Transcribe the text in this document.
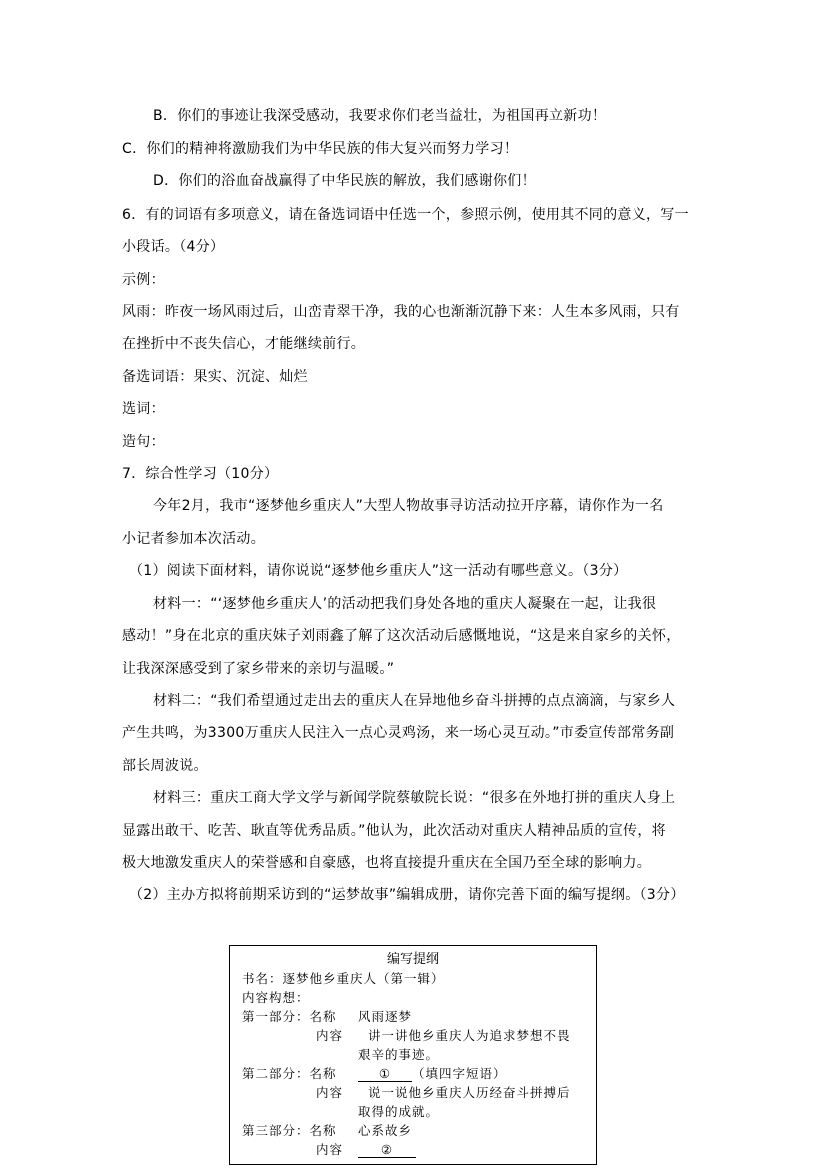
B．你们的事迹让我深受感动，我要求你们老当益壮，为祖国再立新功！
C．你们的精神将激励我们为中华民族的伟大复兴而努力学习！
D．你们的浴血奋战赢得了中华民族的解放，我们感谢你们！
6．有的词语有多项意义，请在备选词语中任选一个，参照示例，使用其不同的意义，写一
小段话。（4分）
示例：
风雨：昨夜一场风雨过后，山峦青翠干净，我的心也渐渐沉静下来：人生本多风雨，只有
在挫折中不丧失信心，才能继续前行。
备选词语：果实、沉淀、灿烂
选词：
造句：
7．综合性学习（10分）
今年2月，我市“逐梦他乡重庆人”大型人物故事寻访活动拉开序幕，请你作为一名
小记者参加本次活动。
（1）阅读下面材料，请你说说“逐梦他乡重庆人”这一活动有哪些意义。（3分）
材料一：“‘逐梦他乡重庆人’的活动把我们身处各地的重庆人凝聚在一起，让我很
感动！”身在北京的重庆妹子刘雨鑫了解了这次活动后感慨地说，“这是来自家乡的关怀，
让我深深感受到了家乡带来的亲切与温暖。”
材料二：“我们希望通过走出去的重庆人在异地他乡奋斗拼搏的点点滴滴，与家乡人
产生共鸣，为3300万重庆人民注入一点心灵鸡汤，来一场心灵互动。”市委宣传部常务副
部长周波说。
材料三：重庆工商大学文学与新闻学院蔡敏院长说：“很多在外地打拼的重庆人身上
显露出敢干、吃苦、耿直等优秀品质。”他认为，此次活动对重庆人精神品质的宣传，将
极大地激发重庆人的荣誉感和自豪感，也将直接提升重庆在全国乃至全球的影响力。
（2）主办方拟将前期采访到的“运梦故事”编辑成册，请你完善下面的编写提纲。（3分）
编写提纲
书名：逐梦他乡重庆人（第一辑）
内容构想：
第一部分：名称 风雨逐梦
内容 讲一讲他乡重庆人为追求梦想不畏
艰辛的事迹。
第二部分：名称	① （填四字短语）
内容 说一说他乡重庆人历经奋斗拼搏后
取得的成就。
第三部分：名称 心系故乡
内容	②
